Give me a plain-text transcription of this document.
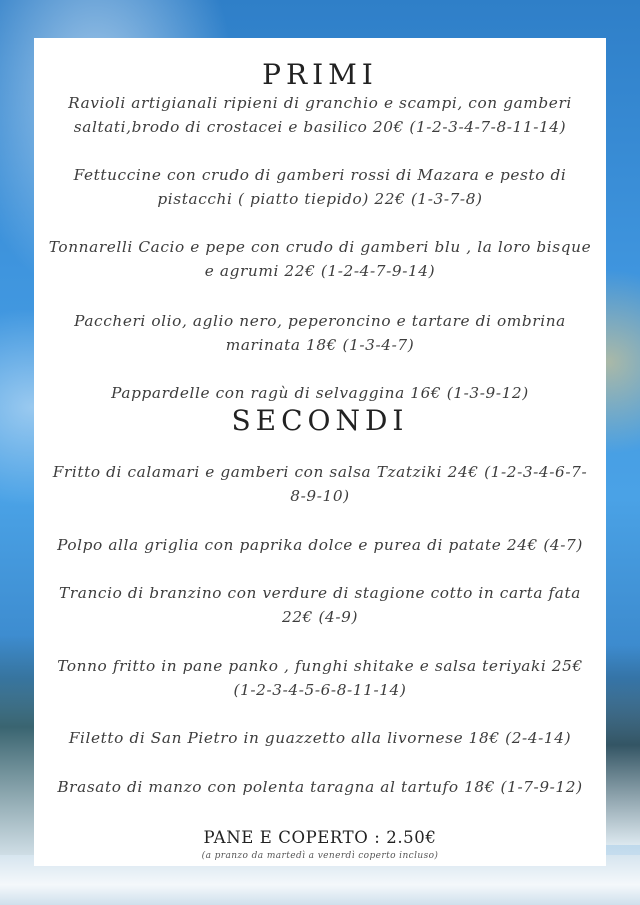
PRIMI
Ravioli artigianali ripieni di granchio e scampi, con gamberi saltati,brodo di crostacei e basilico 20€ (1-2-3-4-7-8-11-14)
Fettuccine con crudo di gamberi rossi di Mazara e pesto di pistacchi ( piatto tiepido) 22€ (1-3-7-8)
Tonnarelli Cacio e pepe con crudo di gamberi blu , la loro bisque e agrumi 22€ (1-2-4-7-9-14)
Paccheri olio, aglio nero, peperoncino e tartare di ombrina marinata 18€ (1-3-4-7)
Pappardelle con ragù di selvaggina 16€ (1-3-9-12)
SECONDI
Fritto di calamari e gamberi con salsa Tzatziki 24€ (1-2-3-4-6-7-8-9-10)
Polpo alla griglia con paprika dolce e purea di patate 24€ (4-7)
Trancio di branzino con verdure di stagione cotto in carta fata 22€ (4-9)
Tonno fritto in pane panko , funghi shitake e salsa teriyaki 25€ (1-2-3-4-5-6-8-11-14)
Filetto di San Pietro in guazzetto alla livornese 18€ (2-4-14)
Brasato di manzo con polenta taragna al tartufo 18€ (1-7-9-12)
PANE E COPERTO : 2.50€
(a pranzo da martedì a venerdì coperto incluso)
